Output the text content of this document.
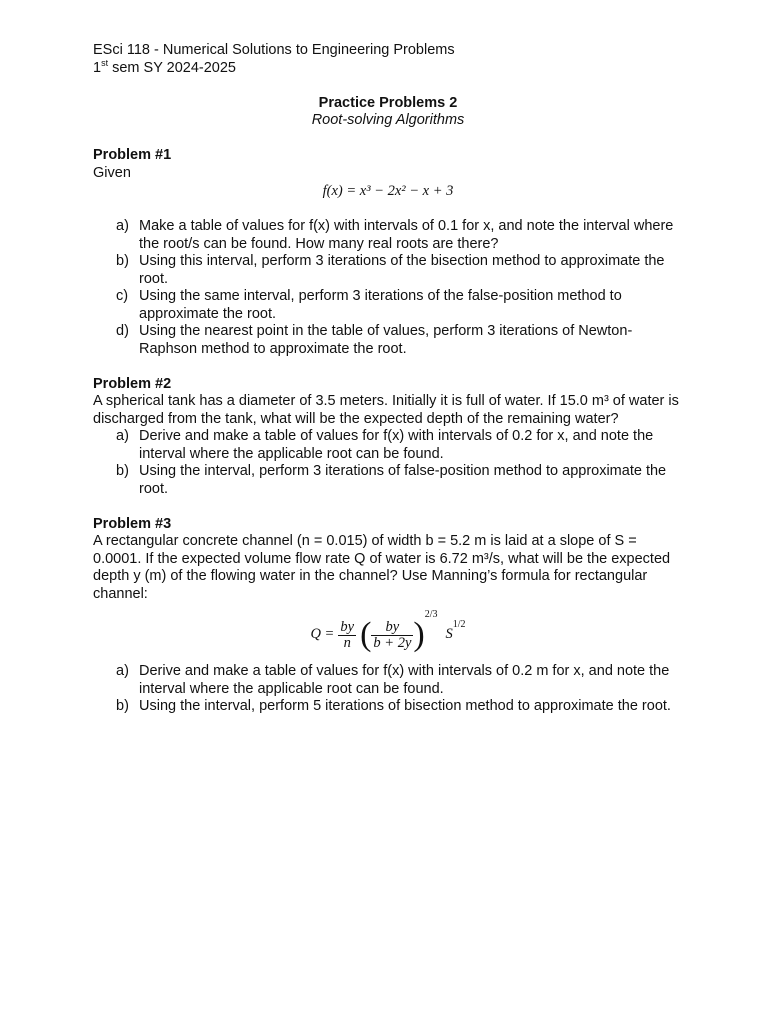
ESci 118 - Numerical Solutions to Engineering Problems
1st sem SY 2024-2025
Practice Problems 2
Root-solving Algorithms
Problem #1
Given
f(x) = x³ − 2x² − x + 3
a) Make a table of values for f(x) with intervals of 0.1 for x, and note the interval where the root/s can be found. How many real roots are there?
b) Using this interval, perform 3 iterations of the bisection method to approximate the root.
c) Using the same interval, perform 3 iterations of the false-position method to approximate the root.
d) Using the nearest point in the table of values, perform 3 iterations of Newton-Raphson method to approximate the root.
Problem #2
A spherical tank has a diameter of 3.5 meters. Initially it is full of water. If 15.0 m³ of water is discharged from the tank, what will be the expected depth of the remaining water?
a) Derive and make a table of values for f(x) with intervals of 0.2 for x, and note the interval where the applicable root can be found.
b) Using the interval, perform 3 iterations of false-position method to approximate the root.
Problem #3
A rectangular concrete channel (n = 0.015) of width b = 5.2 m is laid at a slope of S = 0.0001. If the expected volume flow rate Q of water is 6.72 m³/s, what will be the expected depth y (m) of the flowing water in the channel? Use Manning’s formula for rectangular channel:
$Q = \frac{by}{n}$ ( $\frac{by}{b + 2y} )^{2/3}$ $S^{1/2}$
a) Derive and make a table of values for f(x) with intervals of 0.2 m for x, and note the interval where the applicable root can be found.
b) Using the interval, perform 5 iterations of bisection method to approximate the root.
